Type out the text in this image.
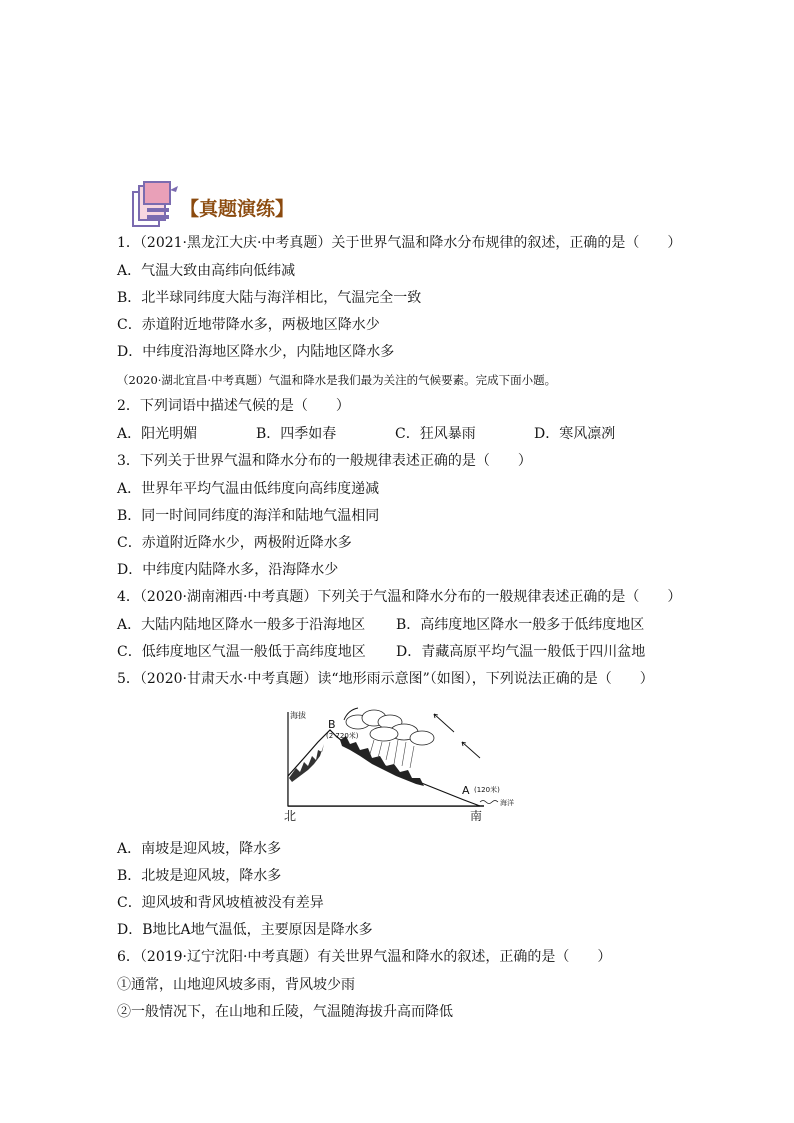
【真题演练】
1．（2021·黑龙江大庆·中考真题）关于世界气温和降水分布规律的叙述，正确的是（　　）
A．气温大致由高纬向低纬减
B．北半球同纬度大陆与海洋相比，气温完全一致
C．赤道附近地带降水多，两极地区降水少
D．中纬度沿海地区降水少，内陆地区降水多
（2020·湖北宜昌·中考真题）气温和降水是我们最为关注的气候要素。完成下面小题。
2．下列词语中描述气候的是（　　）
A．阳光明媚	B．四季如春	C．狂风暴雨	D．寒风凛冽
3．下列关于世界气温和降水分布的一般规律表述正确的是（　　）
A．世界年平均气温由低纬度向高纬度递减
B．同一时间同纬度的海洋和陆地气温相同
C．赤道附近降水少，两极附近降水多
D．中纬度内陆降水多，沿海降水少
4．（2020·湖南湘西·中考真题）下列关于气温和降水分布的一般规律表述正确的是（　　）
A．大陆内陆地区降水一般多于沿海地区 B．高纬度地区降水一般多于低纬度地区
C．低纬度地区气温一般低于高纬度地区 D．青藏高原平均气温一般低于四川盆地
5．（2020·甘肃天水·中考真题）读“地形雨示意图”（如图），下列说法正确的是（　　）
海拔
B
(2 720米)
A (120米)
海洋
北	南
A．南坡是迎风坡，降水多
B．北坡是迎风坡，降水多
C．迎风坡和背风坡植被没有差异
D．B地比A地气温低，主要原因是降水多
6．（2019·辽宁沈阳·中考真题）有关世界气温和降水的叙述，正确的是（　　）
①通常，山地迎风坡多雨，背风坡少雨
②一般情况下，在山地和丘陵，气温随海拔升高而降低
